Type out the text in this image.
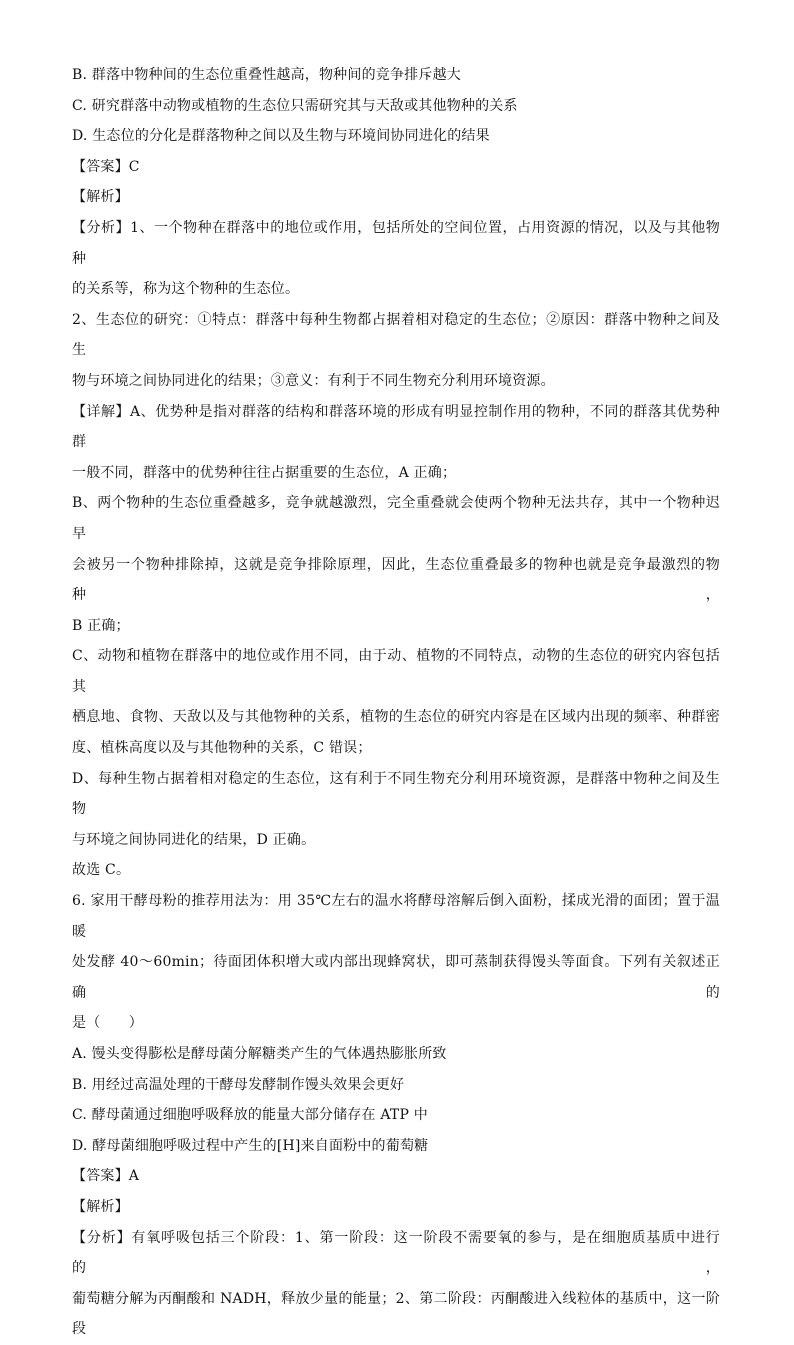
B. 群落中物种间的生态位重叠性越高，物种间的竞争排斥越大
C. 研究群落中动物或植物的生态位只需研究其与天敌或其他物种的关系
D. 生态位的分化是群落物种之间以及生物与环境间协同进化的结果
【答案】C
【解析】
【分析】1、一个物种在群落中的地位或作用，包括所处的空间位置，占用资源的情况，以及与其他物种
的关系等，称为这个物种的生态位。
2、生态位的研究：①特点：群落中每种生物都占据着相对稳定的生态位；②原因：群落中物种之间及生
物与环境之间协同进化的结果；③意义：有利于不同生物充分利用环境资源。
【详解】A、优势种是指对群落的结构和群落环境的形成有明显控制作用的物种，不同的群落其优势种群
一般不同，群落中的优势种往往占据重要的生态位，A 正确；
B、两个物种的生态位重叠越多，竞争就越激烈，完全重叠就会使两个物种无法共存，其中一个物种迟早
会被另一个物种排除掉，这就是竞争排除原理，因此，生态位重叠最多的物种也就是竞争最激烈的物种，
B 正确；
C、动物和植物在群落中的地位或作用不同，由于动、植物的不同特点，动物的生态位的研究内容包括其
栖息地、食物、天敌以及与其他物种的关系，植物的生态位的研究内容是在区域内出现的频率、种群密
度、植株高度以及与其他物种的关系，C 错误；
D、每种生物占据着相对稳定的生态位，这有利于不同生物充分利用环境资源，是群落中物种之间及生物
与环境之间协同进化的结果，D 正确。
故选 C。
6. 家用干酵母粉的推荐用法为：用 35℃左右的温水将酵母溶解后倒入面粉，揉成光滑的面团；置于温暖
处发酵 40～60min；待面团体积增大或内部出现蜂窝状，即可蒸制获得馒头等面食。下列有关叙述正确的
是（　　）
A. 馒头变得膨松是酵母菌分解糖类产生的气体遇热膨胀所致
B. 用经过高温处理的干酵母发酵制作馒头效果会更好
C. 酵母菌通过细胞呼吸释放的能量大部分储存在 ATP 中
D. 酵母菌细胞呼吸过程中产生的[H]来自面粉中的葡萄糖
【答案】A
【解析】
【分析】有氧呼吸包括三个阶段：1、第一阶段：这一阶段不需要氧的参与，是在细胞质基质中进行的，
葡萄糖分解为丙酮酸和 NADH，释放少量的能量；2、第二阶段：丙酮酸进入线粒体的基质中，这一阶段
